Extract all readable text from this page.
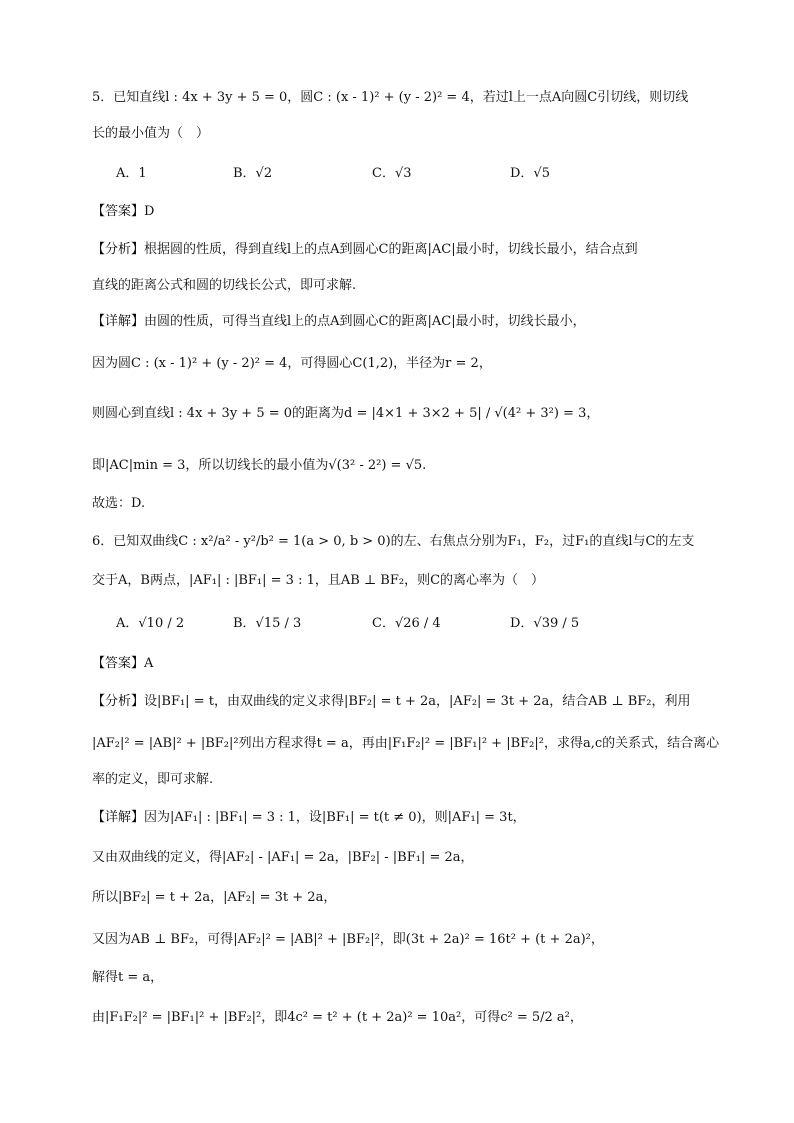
5．已知直线l : 4x + 3y + 5 = 0，圆C : (x - 1)² + (y - 2)² = 4，若过l上一点A向圆C引切线，则切线
长的最小值为（　）
A．1	B．√2	C．√3	D．√5
【答案】D
【分析】根据圆的性质，得到直线l上的点A到圆心C的距离|AC|最小时，切线长最小，结合点到
直线的距离公式和圆的切线长公式，即可求解.
【详解】由圆的性质，可得当直线l上的点A到圆心C的距离|AC|最小时，切线长最小，
因为圆C : (x - 1)² + (y - 2)² = 4，可得圆心C(1,2)，半径为r = 2，
则圆心到直线l : 4x + 3y + 5 = 0的距离为d = |4×1 + 3×2 + 5| / √(4² + 3²) = 3，
即|AC|min = 3，所以切线长的最小值为√(3² - 2²) = √5.
故选：D.
6．已知双曲线C : x²/a² - y²/b² = 1(a > 0, b > 0)的左、右焦点分别为F₁，F₂，过F₁的直线l与C的左支
交于A，B两点，|AF₁| : |BF₁| = 3 : 1，且AB ⊥ BF₂，则C的离心率为（　）
A．√10 / 2	B．√15 / 3	C．√26 / 4	D．√39 / 5
【答案】A
【分析】设|BF₁| = t，由双曲线的定义求得|BF₂| = t + 2a，|AF₂| = 3t + 2a，结合AB ⊥ BF₂，利用
|AF₂|² = |AB|² + |BF₂|²列出方程求得t = a，再由|F₁F₂|² = |BF₁|² + |BF₂|²，求得a,c的关系式，结合离心
率的定义，即可求解.
【详解】因为|AF₁| : |BF₁| = 3 : 1，设|BF₁| = t(t ≠ 0)，则|AF₁| = 3t，
又由双曲线的定义，得|AF₂| - |AF₁| = 2a，|BF₂| - |BF₁| = 2a，
所以|BF₂| = t + 2a，|AF₂| = 3t + 2a，
又因为AB ⊥ BF₂，可得|AF₂|² = |AB|² + |BF₂|²，即(3t + 2a)² = 16t² + (t + 2a)²，
解得t = a，
由|F₁F₂|² = |BF₁|² + |BF₂|²，即4c² = t² + (t + 2a)² = 10a²，可得c² = 5/2 a²，
